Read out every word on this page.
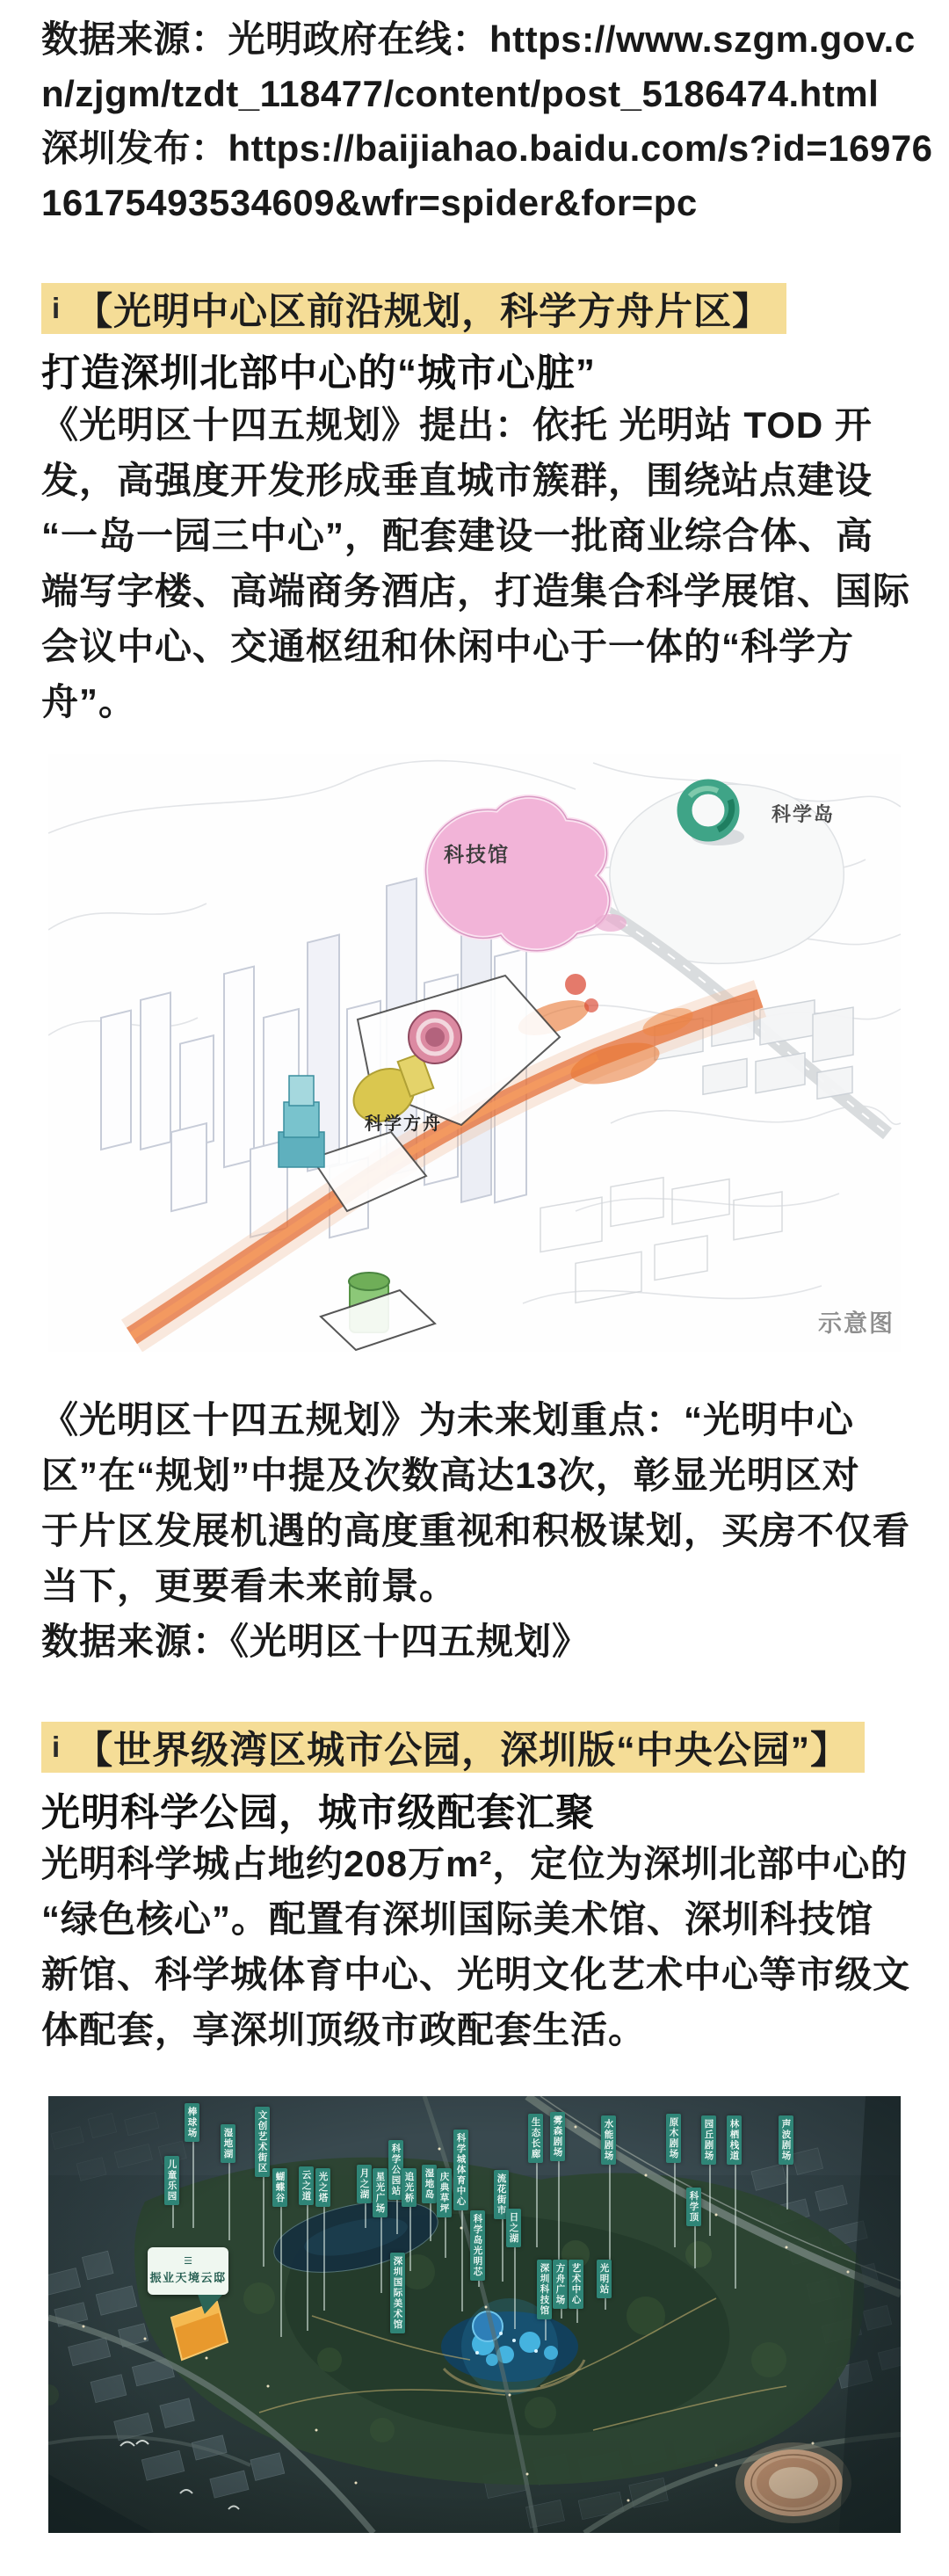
数据来源：光明政府在线：https://www.szgm.gov.c
n/zjgm/tzdt_118477/content/post_5186474.html
深圳发布：https://baijiahao.baidu.com/s?id=16976
16175493534609&wfr=spider&for=pc
i 【光明中心区前沿规划，科学方舟片区】
打造深圳北部中心的“城市心脏”
《光明区十四五规划》提出：依托 光明站 TOD 开
发，高强度开发形成垂直城市簇群，围绕站点建设
“一岛一园三中心”，配套建设一批商业综合体、高
端写字楼、高端商务酒店，打造集合科学展馆、国际
会议中心、交通枢纽和休闲中心于一体的“科学方
舟”。
科技馆
科学岛
科学方舟
示意图
《光明区十四五规划》为未来划重点：“光明中心
区”在“规划”中提及次数高达13次，彰显光明区对
于片区发展机遇的高度重视和积极谋划，买房不仅看
当下，更要看未来前景。
数据来源：《光明区十四五规划》
i 【世界级湾区城市公园，深圳版“中央公园”】
光明科学公园，城市级配套汇聚
光明科学城占地约208万m²，定位为深圳北部中心的
“绿色核心”。配置有深圳国际美术馆、深圳科技馆
新馆、科学城体育中心、光明文化艺术中心等市级文
体配套，享深圳顶级市政配套生活。
☰
振业天境云邸
棒球场
儿童乐园
湿地湖	文创艺术街区
蝴蝶谷 云之道 光之塔	月之湖 星光广场 科学公园站 追光桥 湿地岛 庆典草坪 科学城体育中心	流花街市
日之湖
科学岛光明芯
深圳国际美术馆
生态长廊 雾森剧场	水能剧场	原木剧场	园丘剧场 林栖栈道	声波剧场
科学顶
深圳科技馆 方舟广场 艺术中心 光明站
